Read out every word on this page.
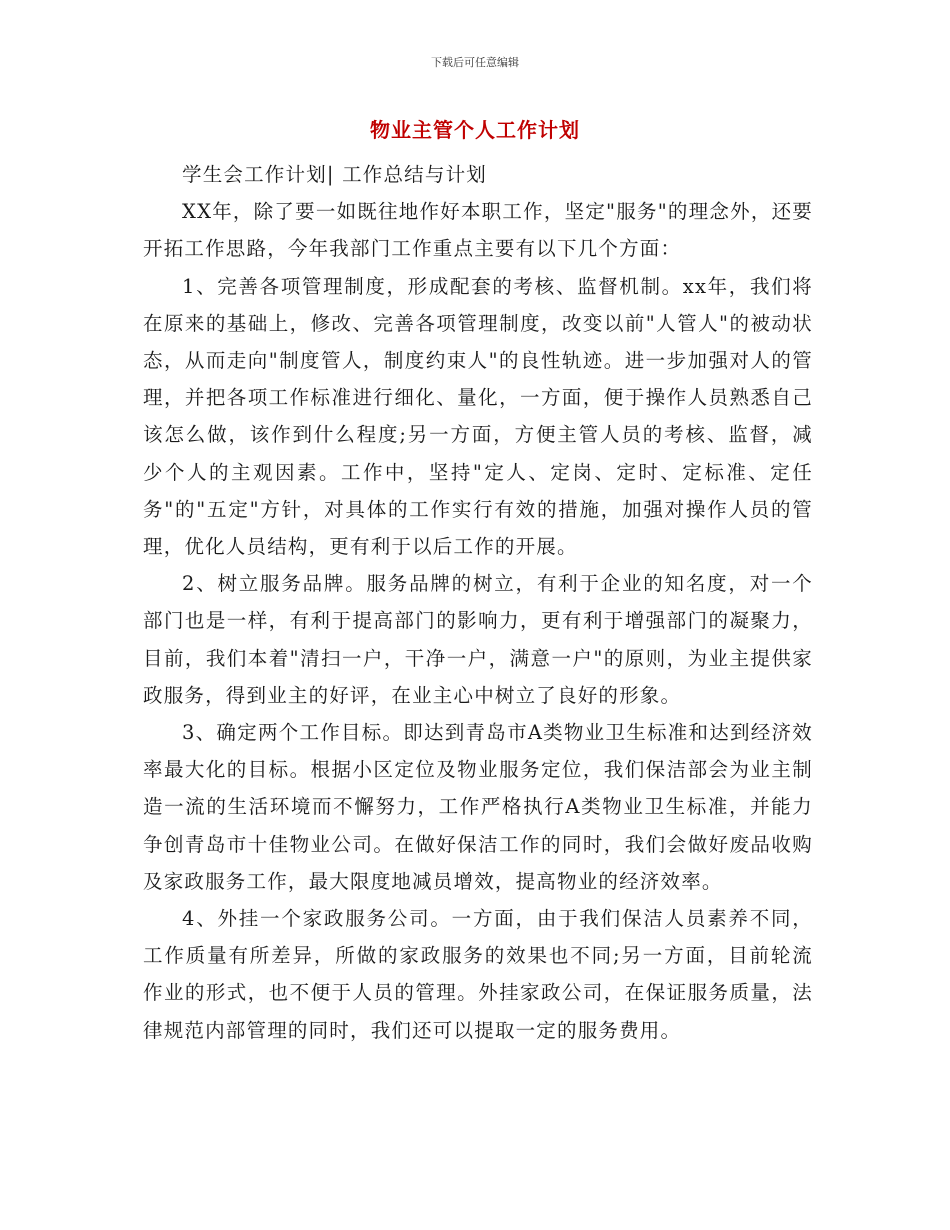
下载后可任意编辑
物业主管个人工作计划

学生会工作计划| 工作总结与计划

XX年，除了要一如既往地作好本职工作，坚定"服务"的理念外，还要开拓工作思路，今年我部门工作重点主要有以下几个方面：

1、完善各项管理制度，形成配套的考核、监督机制。xx年，我们将在原来的基础上，修改、完善各项管理制度，改变以前"人管人"的被动状态，从而走向"制度管人，制度约束人"的良性轨迹。进一步加强对人的管理，并把各项工作标准进行细化、量化，一方面，便于操作人员熟悉自己该怎么做，该作到什么程度;另一方面，方便主管人员的考核、监督，减少个人的主观因素。工作中，坚持"定人、定岗、定时、定标准、定任务"的"五定"方针，对具体的工作实行有效的措施，加强对操作人员的管理，优化人员结构，更有利于以后工作的开展。

2、树立服务品牌。服务品牌的树立，有利于企业的知名度，对一个部门也是一样，有利于提高部门的影响力，更有利于增强部门的凝聚力，目前，我们本着"清扫一户，干净一户，满意一户"的原则，为业主提供家政服务，得到业主的好评，在业主心中树立了良好的形象。

3、确定两个工作目标。即达到青岛市A类物业卫生标准和达到经济效率最大化的目标。根据小区定位及物业服务定位，我们保洁部会为业主制造一流的生活环境而不懈努力，工作严格执行A类物业卫生标准，并能力争创青岛市十佳物业公司。在做好保洁工作的同时，我们会做好废品收购及家政服务工作，最大限度地减员增效，提高物业的经济效率。

4、外挂一个家政服务公司。一方面，由于我们保洁人员素养不同，工作质量有所差异，所做的家政服务的效果也不同;另一方面，目前轮流作业的形式，也不便于人员的管理。外挂家政公司，在保证服务质量，法律规范内部管理的同时，我们还可以提取一定的服务费用。
